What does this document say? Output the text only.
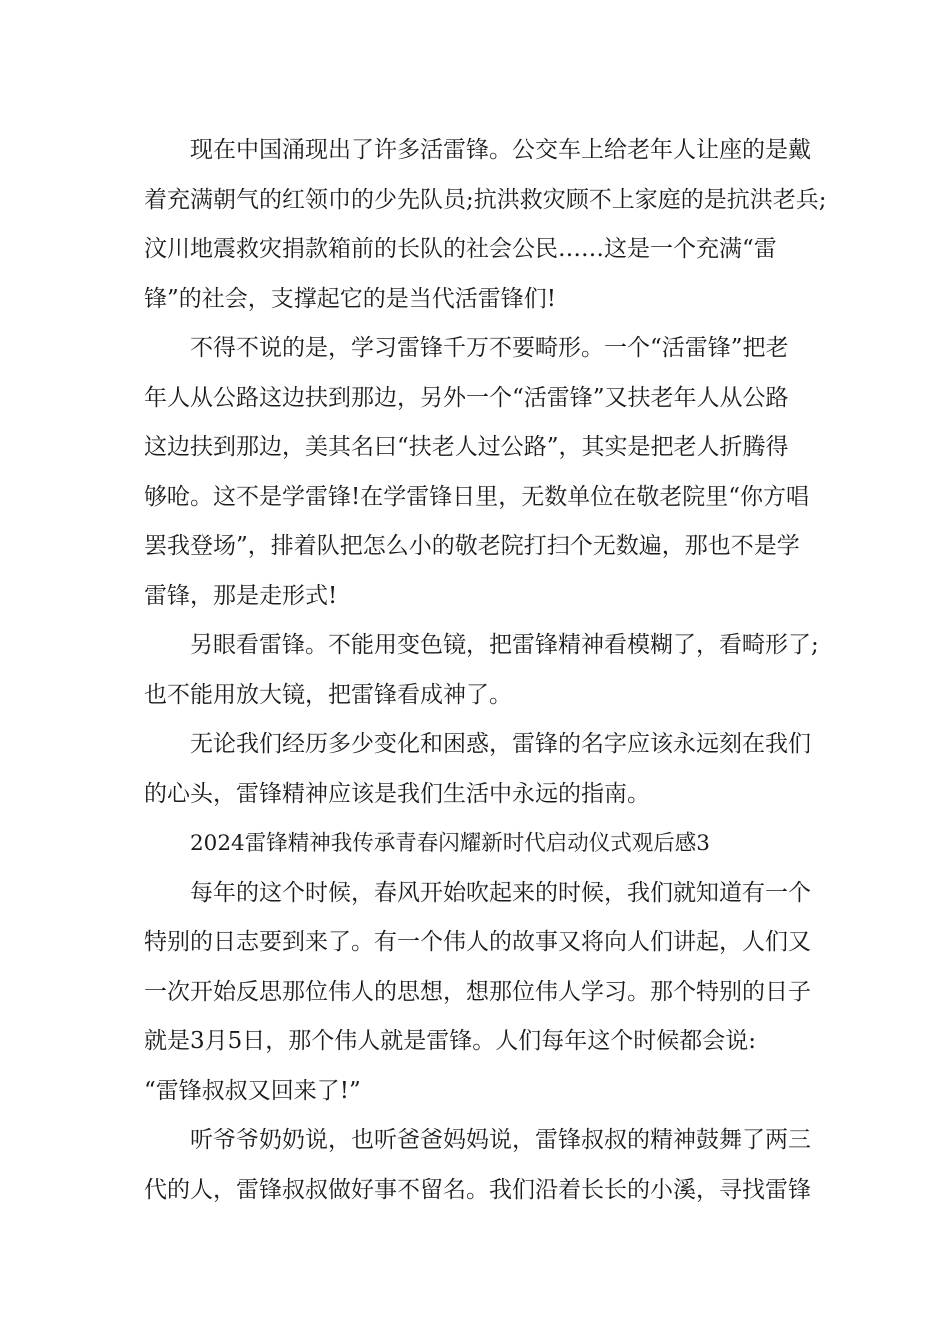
现在中国涌现出了许多活雷锋。公交车上给老年人让座的是戴
着充满朝气的红领巾的少先队员;抗洪救灾顾不上家庭的是抗洪老兵;
汶川地震救灾捐款箱前的长队的社会公民……这是一个充满“雷
锋”的社会，支撑起它的是当代活雷锋们!
不得不说的是，学习雷锋千万不要畸形。一个“活雷锋”把老
年人从公路这边扶到那边，另外一个“活雷锋”又扶老年人从公路
这边扶到那边，美其名曰“扶老人过公路”，其实是把老人折腾得
够呛。这不是学雷锋!在学雷锋日里，无数单位在敬老院里“你方唱
罢我登场”，排着队把怎么小的敬老院打扫个无数遍，那也不是学
雷锋，那是走形式!
另眼看雷锋。不能用变色镜，把雷锋精神看模糊了，看畸形了;
也不能用放大镜，把雷锋看成神了。
无论我们经历多少变化和困惑，雷锋的名字应该永远刻在我们
的心头，雷锋精神应该是我们生活中永远的指南。
2024雷锋精神我传承青春闪耀新时代启动仪式观后感3
每年的这个时候，春风开始吹起来的时候，我们就知道有一个
特别的日志要到来了。有一个伟人的故事又将向人们讲起，人们又
一次开始反思那位伟人的思想，想那位伟人学习。那个特别的日子
就是3月5日，那个伟人就是雷锋。人们每年这个时候都会说:
“雷锋叔叔又回来了!”
听爷爷奶奶说，也听爸爸妈妈说，雷锋叔叔的精神鼓舞了两三
代的人，雷锋叔叔做好事不留名。我们沿着长长的小溪，寻找雷锋
